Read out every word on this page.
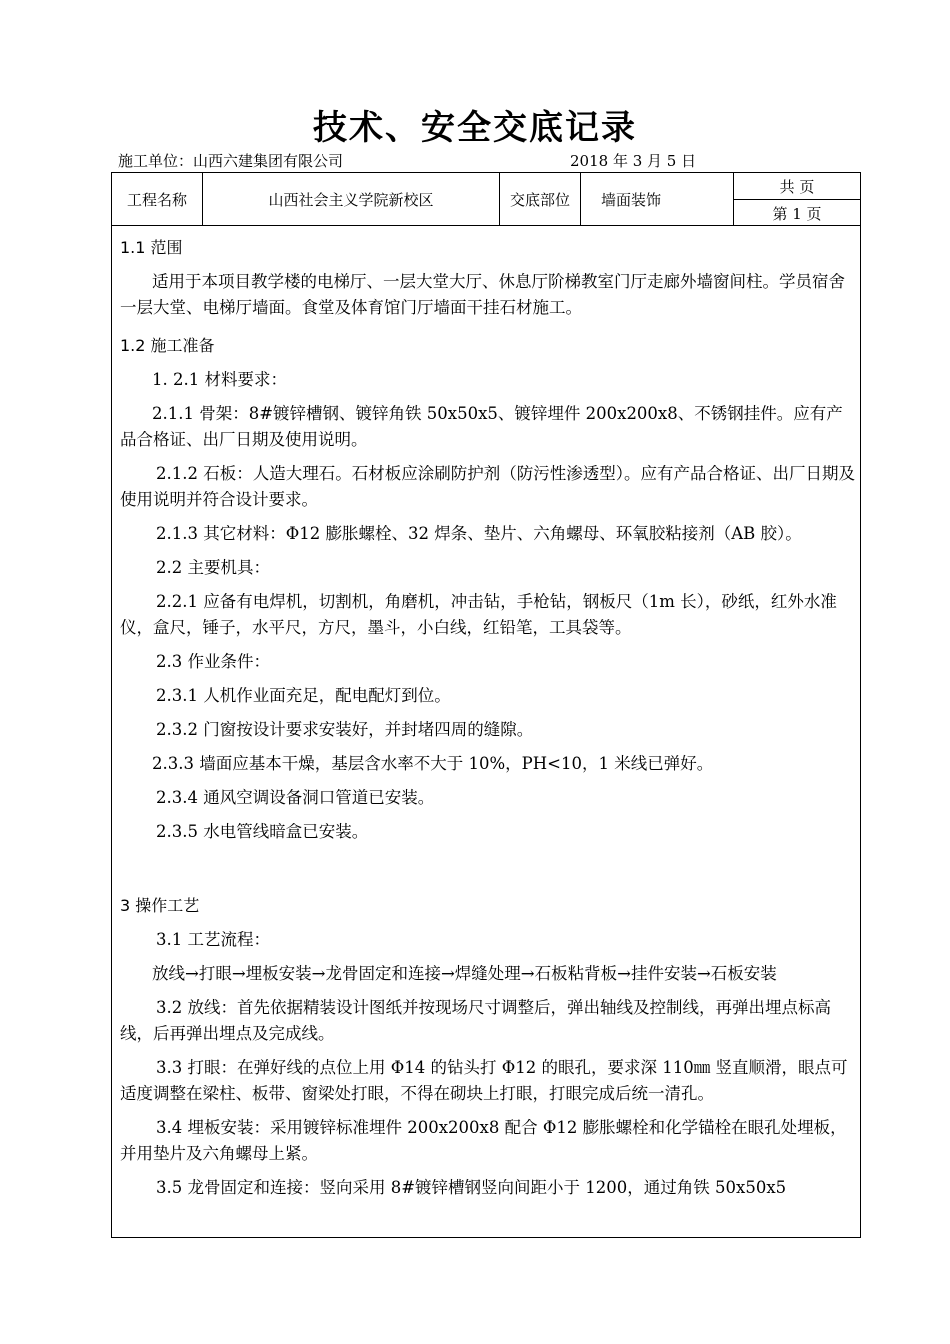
技术、安全交底记录
施工单位：山西六建集团有限公司	2018 年 3 月 5 日
工程名称	山西社会主义学院新校区	交底部位	墙面装饰
共 页
第 1 页

1.1 范围

适用于本项目教学楼的电梯厅、一层大堂大厅、休息厅阶梯教室门厅走廊外墙窗间柱。学员宿舍一层大堂、电梯厅墙面。食堂及体育馆门厅墙面干挂石材施工。

1.2 施工准备

1. 2.1 材料要求：

2.1.1 骨架：8#镀锌槽钢、镀锌角铁 50x50x5、镀锌埋件 200x200x8、不锈钢挂件。应有产品合格证、出厂日期及使用说明。

2.1.2 石板：人造大理石。石材板应涂刷防护剂（防污性渗透型）。应有产品合格证、出厂日期及使用说明并符合设计要求。

2.1.3 其它材料：Φ12 膨胀螺栓、32 焊条、垫片、六角螺母、环氧胶粘接剂（AB 胶）。

2.2 主要机具：

2.2.1 应备有电焊机，切割机，角磨机，冲击钻，手枪钻，钢板尺（1m 长），砂纸，红外水准仪，盒尺，锤子，水平尺，方尺，墨斗，小白线，红铅笔，工具袋等。

2.3 作业条件：

2.3.1 人机作业面充足，配电配灯到位。

2.3.2 门窗按设计要求安装好，并封堵四周的缝隙。

2.3.3 墙面应基本干燥，基层含水率不大于 10%，PH<10，1 米线已弹好。

2.3.4 通风空调设备洞口管道已安装。

2.3.5 水电管线暗盒已安装。

3 操作工艺

3.1 工艺流程：

放线→打眼→埋板安装→龙骨固定和连接→焊缝处理→石板粘背板→挂件安装→石板安装

3.2 放线：首先依据精装设计图纸并按现场尺寸调整后，弹出轴线及控制线，再弹出埋点标高线，后再弹出埋点及完成线。

3.3 打眼：在弹好线的点位上用 Φ14 的钻头打 Φ12 的眼孔，要求深 110㎜ 竖直顺滑，眼点可适度调整在梁柱、板带、窗梁处打眼，不得在砌块上打眼，打眼完成后统一清孔。

3.4 埋板安装：采用镀锌标准埋件 200x200x8 配合 Φ12 膨胀螺栓和化学锚栓在眼孔处埋板，并用垫片及六角螺母上紧。

3.5 龙骨固定和连接：竖向采用 8#镀锌槽钢竖向间距小于 1200，通过角铁 50x50x5
